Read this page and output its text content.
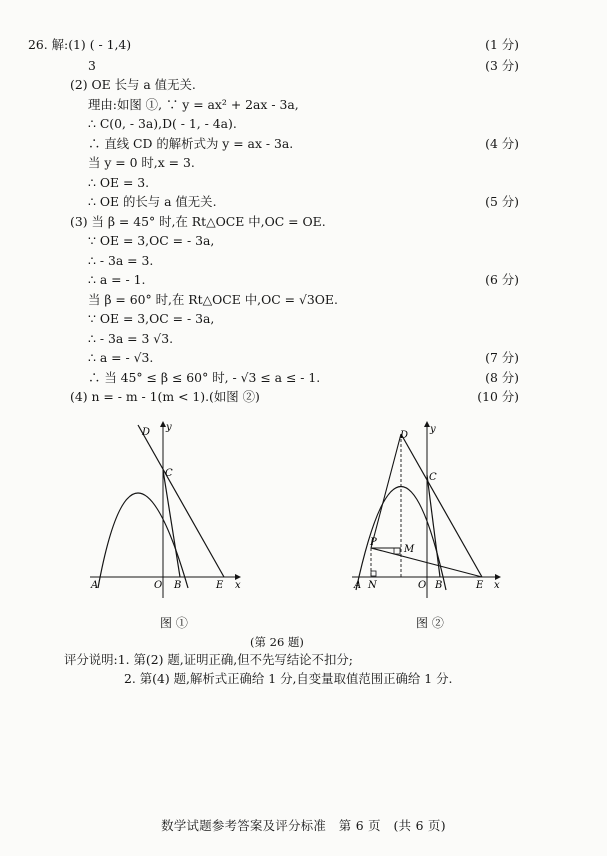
26. 解:(1) ( - 1,4)	(1 分)
3	(3 分)
(2) OE 长与 a 值无关.
理由:如图 ①, ∵ y = ax² + 2ax - 3a,
∴ C(0, - 3a),D( - 1, - 4a).
∴ 直线 CD 的解析式为 y = ax - 3a.	(4 分)
当 y = 0 时,x = 3.
∴ OE = 3.
∴ OE 的长与 a 值无关.	(5 分)
(3) 当 β = 45° 时,在 Rt△OCE 中,OC = OE.
∵ OE = 3,OC = - 3a,
∴ - 3a = 3.
∴ a = - 1.	(6 分)
当 β = 60° 时,在 Rt△OCE 中,OC = √3OE.
∵ OE = 3,OC = - 3a,
∴ - 3a = 3 √3.
∴ a = - √3.	(7 分)
∴ 当 45° ≤ β ≤ 60° 时, - √3 ≤ a ≤ - 1.	(8 分)
(4) n = - m - 1(m < 1).(如图 ②)	(10 分)
D y
C
A	O B	E x
D
y
C
P
M
A N	O B	E x
图 ①	图 ②
(第 26 题)
评分说明:1. 第(2) 题,证明正确,但不先写结论不扣分;
2. 第(4) 题,解析式正确给 1 分,自变量取值范围正确给 1 分.
数学试题参考答案及评分标准　第 6 页　(共 6 页)
